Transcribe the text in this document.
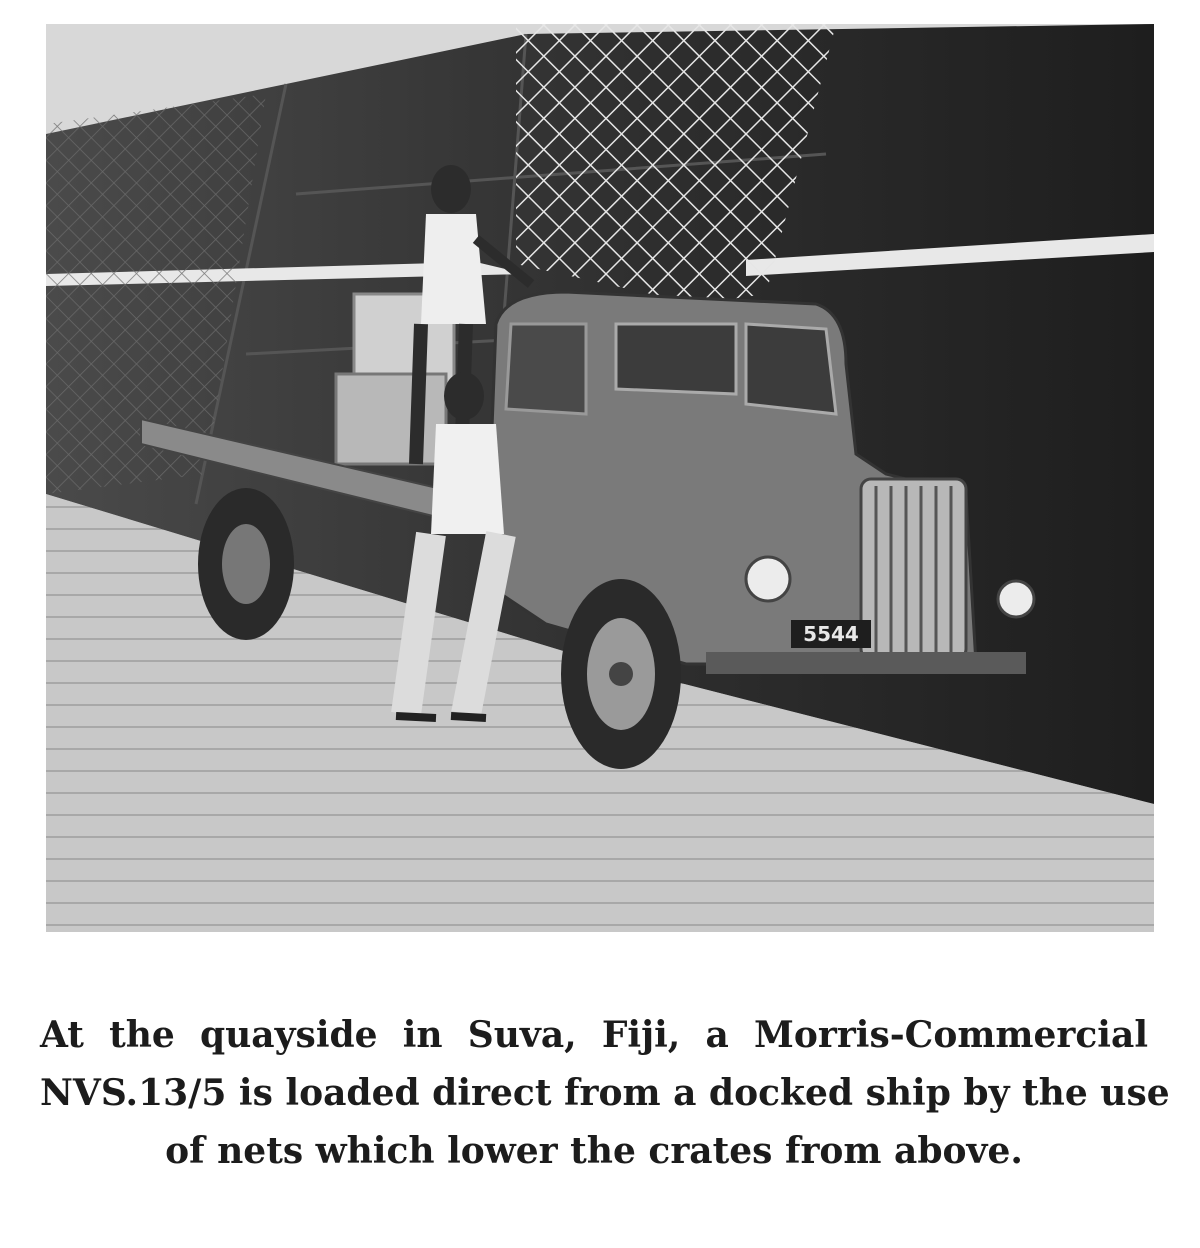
5544
At the quayside in Suva, Fiji, a Morris-Commercial
NVS.13/5 is loaded direct from a docked ship by the use
of nets which lower the crates from above.
